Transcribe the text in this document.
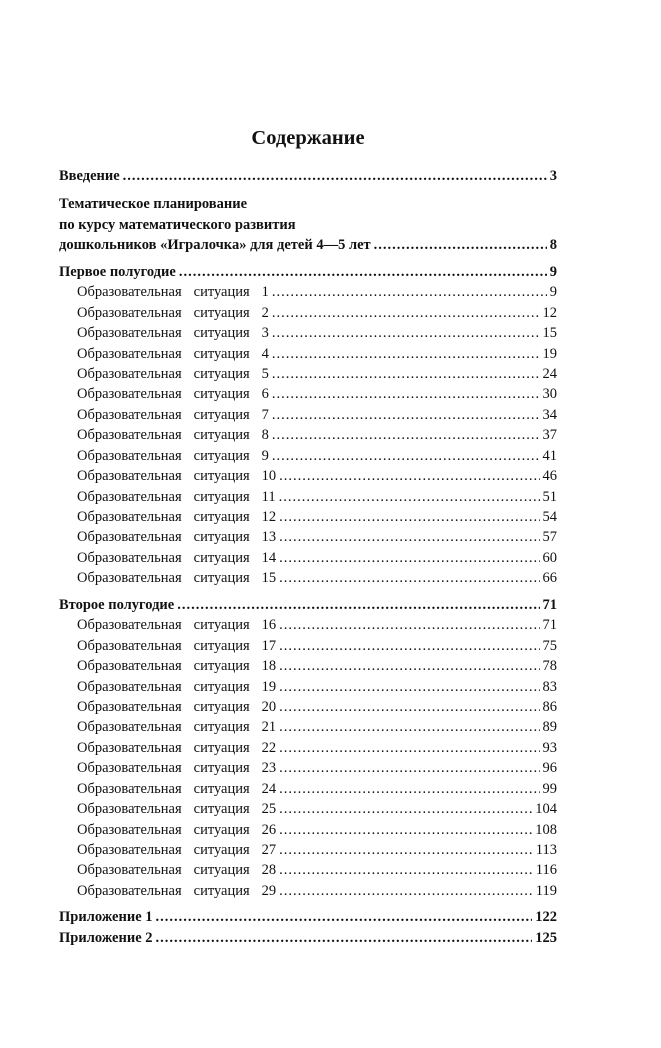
Содержание
Введение .....	3
Тематическое планирование
по курсу математического развития
дошкольников «Игралочка» для детей 4—5 лет .....	8
Первое полугодие .....	9
Образовательная ситуация 1 .....	9
Образовательная ситуация 2 .....	12
Образовательная ситуация 3 .....	15
Образовательная ситуация 4 .....	19
Образовательная ситуация 5 .....	24
Образовательная ситуация 6 .....	30
Образовательная ситуация 7 .....	34
Образовательная ситуация 8 .....	37
Образовательная ситуация 9 .....	41
Образовательная ситуация 10 .....	46
Образовательная ситуация 11 .....	51
Образовательная ситуация 12 .....	54
Образовательная ситуация 13 .....	57
Образовательная ситуация 14 .....	60
Образовательная ситуация 15 .....	66
Второе полугодие .....	71
Образовательная ситуация 16 .....	71
Образовательная ситуация 17 .....	75
Образовательная ситуация 18 .....	78
Образовательная ситуация 19 .....	83
Образовательная ситуация 20 .....	86
Образовательная ситуация 21 .....	89
Образовательная ситуация 22 .....	93
Образовательная ситуация 23 .....	96
Образовательная ситуация 24 .....	99
Образовательная ситуация 25 .....	104
Образовательная ситуация 26 .....	108
Образовательная ситуация 27 .....	113
Образовательная ситуация 28 .....	116
Образовательная ситуация 29 .....	119
Приложение 1 .....	122
Приложение 2 .....	125
